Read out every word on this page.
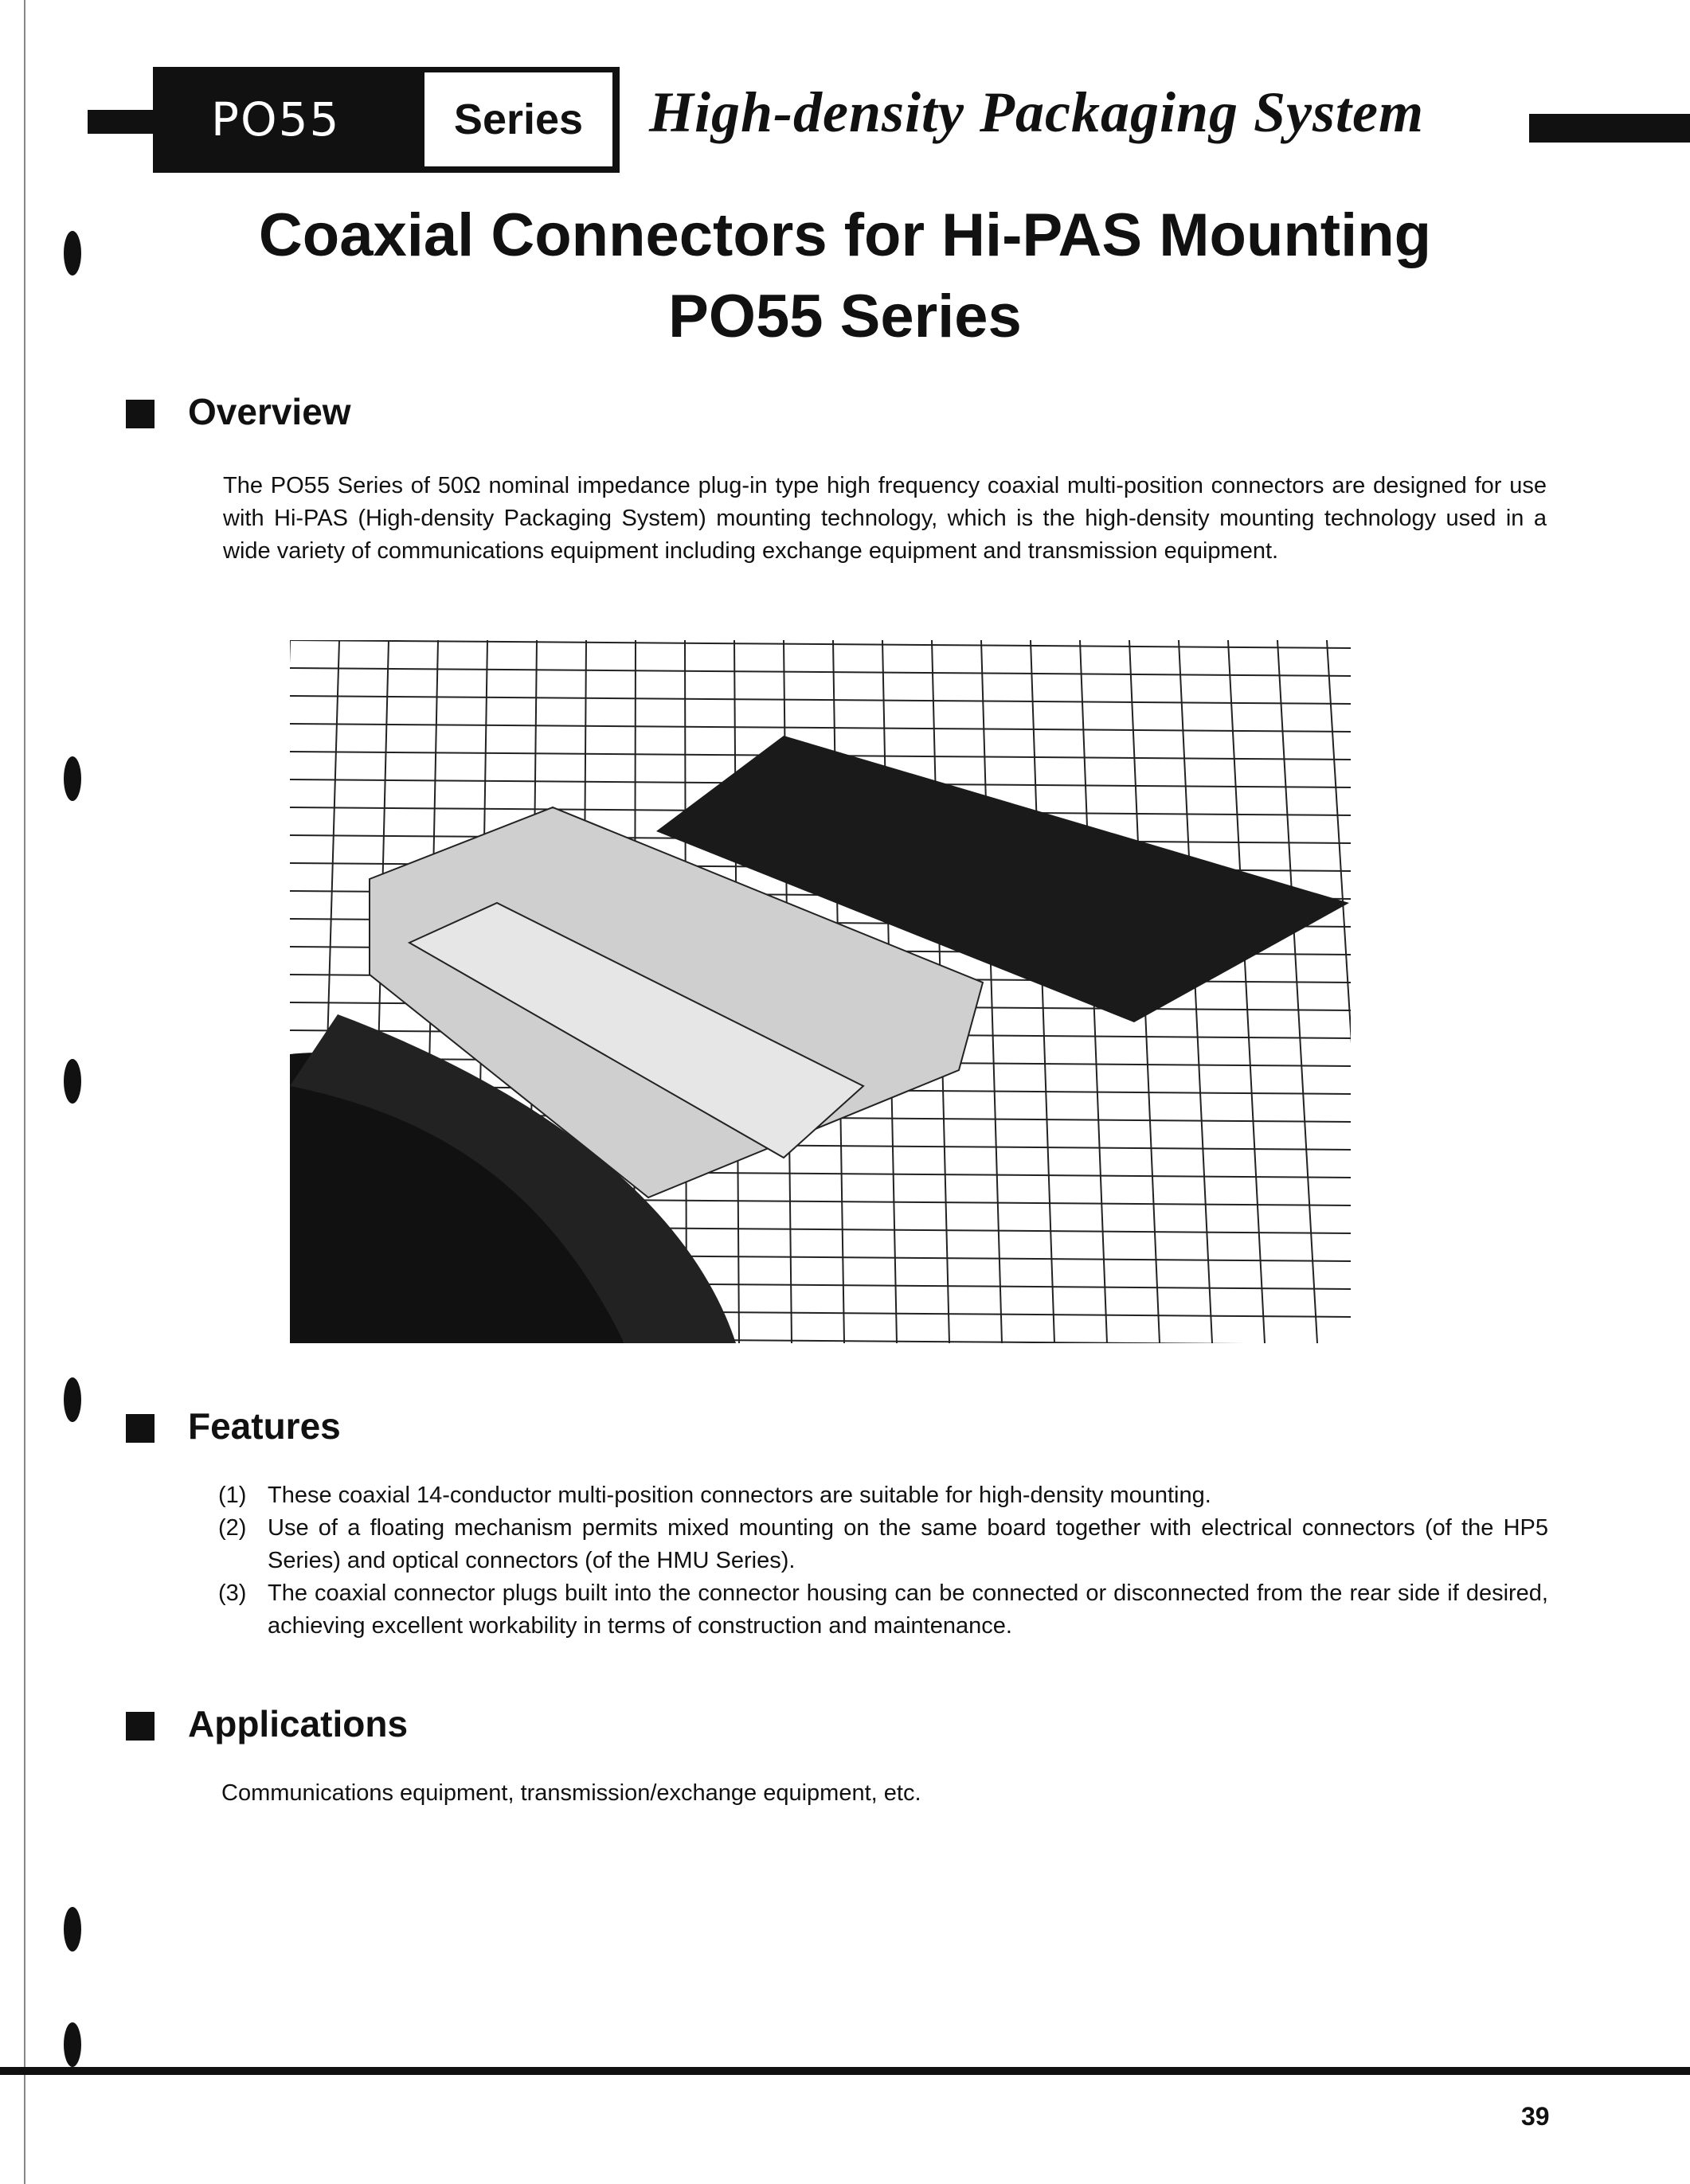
PO55	Series	High-density Packaging System
Coaxial Connectors for Hi-PAS Mounting
PO55 Series
Overview
The PO55 Series of 50Ω nominal impedance plug-in type high frequency coaxial multi-position connectors are designed for use with Hi-PAS (High-density Packaging System) mounting technology, which is the high-density mounting technology used in a wide variety of communications equipment including exchange equipment and transmission equipment.
Features
(1) These coaxial 14-conductor multi-position connectors are suitable for high-density mounting.
(2) Use of a floating mechanism permits mixed mounting on the same board together with electrical connectors (of the HP5 Series) and optical connectors (of the HMU Series).
(3) The coaxial connector plugs built into the connector housing can be connected or disconnected from the rear side if desired, achieving excellent workability in terms of construction and maintenance.
Applications
Communications equipment, transmission/exchange equipment, etc.
39
